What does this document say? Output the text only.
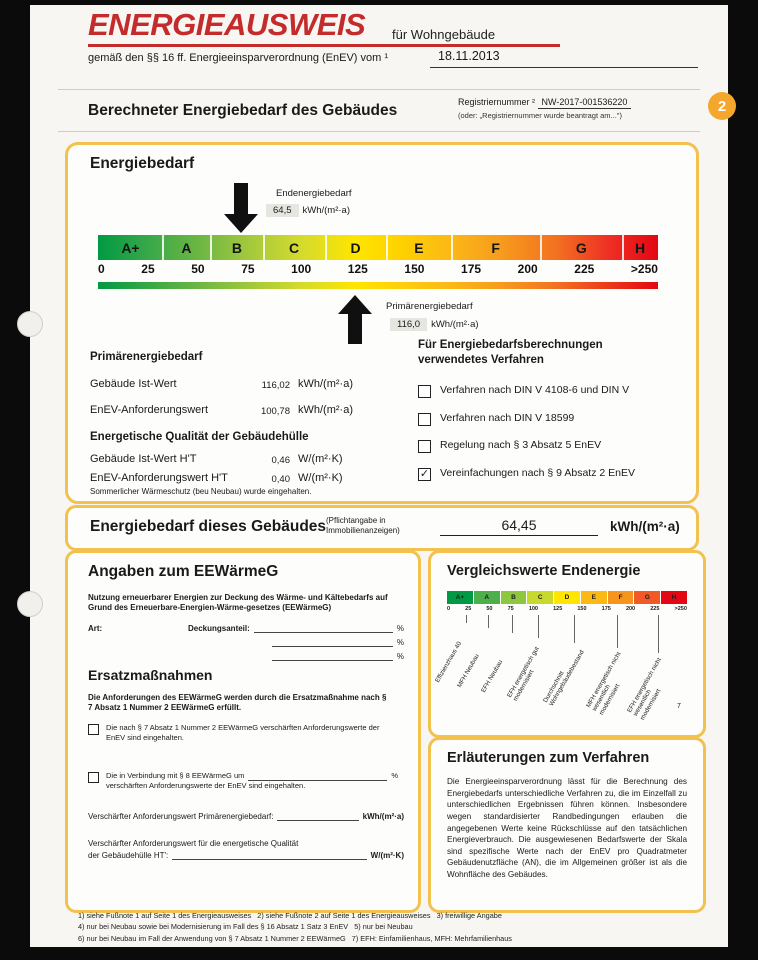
ENERGIEAUSWEIS für Wohngebäude
gemäß den §§ 16 ff. Energieeinsparverordnung (EnEV) vom ¹	18.11.2013
Berechneter Energiebedarf des Gebäudes	Registriernummer ² NW-2017-001536220
(oder: „Registriernummer wurde beantragt am...")
2
Energiebedarf
Endenergiebedarf
64,5 kWh/(m²·a)
A+	A	B	C	D	E	F	G	H
0	25	50	75	100	125	150	175	200	225	>250
Primärenergiebedarf
116,0 kWh/(m²·a)
Primärenergiebedarf
Gebäude Ist-Wert	116,02 kWh/(m²·a)
EnEV-Anforderungswert	100,78 kWh/(m²·a)
Energetische Qualität der Gebäudehülle
Gebäude Ist-Wert H'T	0,46 W/(m²·K)
EnEV-Anforderungswert H'T	0,40 W/(m²·K)
Sommerlicher Wärmeschutz (beu Neubau) wurde eingehalten.
Für Energiebedarfsberechnungen verwendetes Verfahren
Verfahren nach DIN V 4108-6 und DIN V
Verfahren nach DIN V 18599
Regelung nach § 3 Absatz 5 EnEV
✓ Vereinfachungen nach § 9 Absatz 2 EnEV
Energiebedarf dieses Gebäudes (Pflichtangabe in
Immobilienanzeigen)	64,45	kWh/(m²·a)
Angaben zum EEWärmeG
Nutzung erneuerbarer Energien zur Deckung des Wärme- und Kältebedarfs auf Grund des Erneuerbare-Energien-Wärme-gesetzes (EEWärmeG)
Art:	Deckungsanteil:	%
%
%
Ersatzmaßnahmen
Die Anforderungen des EEWärmeG werden durch die Ersatzmaßnahme nach § 7 Absatz 1 Nummer 2 EEWärmeG erfüllt.
Die nach § 7 Absatz 1 Nummer 2 EEWärmeG verschärften Anforderungswerte der EnEV sind eingehalten.
Die in Verbindung mit § 8 EEWärmeG um	%
verschärften Anforderungswerte der EnEV sind eingehalten.
Verschärfter Anforderungswert Primärenergiebedarf:	kWh/(m²·a)
Verschärfter Anforderungswert für die energetische Qualität
der Gebäudehülle HT':	W/(m²·K)
Vergleichswerte Endenergie
A+	A	B	C	D	E	F	G	H
0	25	50	75	100	125	150	175	200	225	>250
Effizienzhaus 40
MFH Neubau EFH Neubau EFH energetisch gut modernisiert Durchschnitt Wohngebäudebestand MFH energetisch nicht wesentlich modernisiert EFH energetisch nicht wesentlich modernisiert	7
Erläuterungen zum Verfahren
Die Energieeinsparverordnung lässt für die Berechnung des Energiebedarfs unterschiedliche Verfahren zu, die im Einzelfall zu unterschiedlichen Ergebnissen führen können. Insbesondere wegen standardisierter Randbedingungen erlauben die angegebenen Werte keine Rückschlüsse auf den tatsächlichen Energieverbrauch. Die ausgewiesenen Bedarfswerte der Skala sind spezifische Werte nach der EnEV pro Quadratmeter Gebäudenutzfläche (AN), die im Allgemeinen größer ist als die Wohnfläche des Gebäudes.
1) siehe Fußnote 1 auf Seite 1 des Energieausweises   2) siehe Fußnote 2 auf Seite 1 des Energieausweises   3) freiwillige Angabe
4) nur bei Neubau sowie bei Modernisierung im Fall des § 16 Absatz 1 Satz 3 EnEV   5) nur bei Neubau
6) nur bei Neubau im Fall der Anwendung von § 7 Absatz 1 Nummer 2 EEWärmeG   7) EFH: Einfamilienhaus, MFH: Mehrfamilienhaus
